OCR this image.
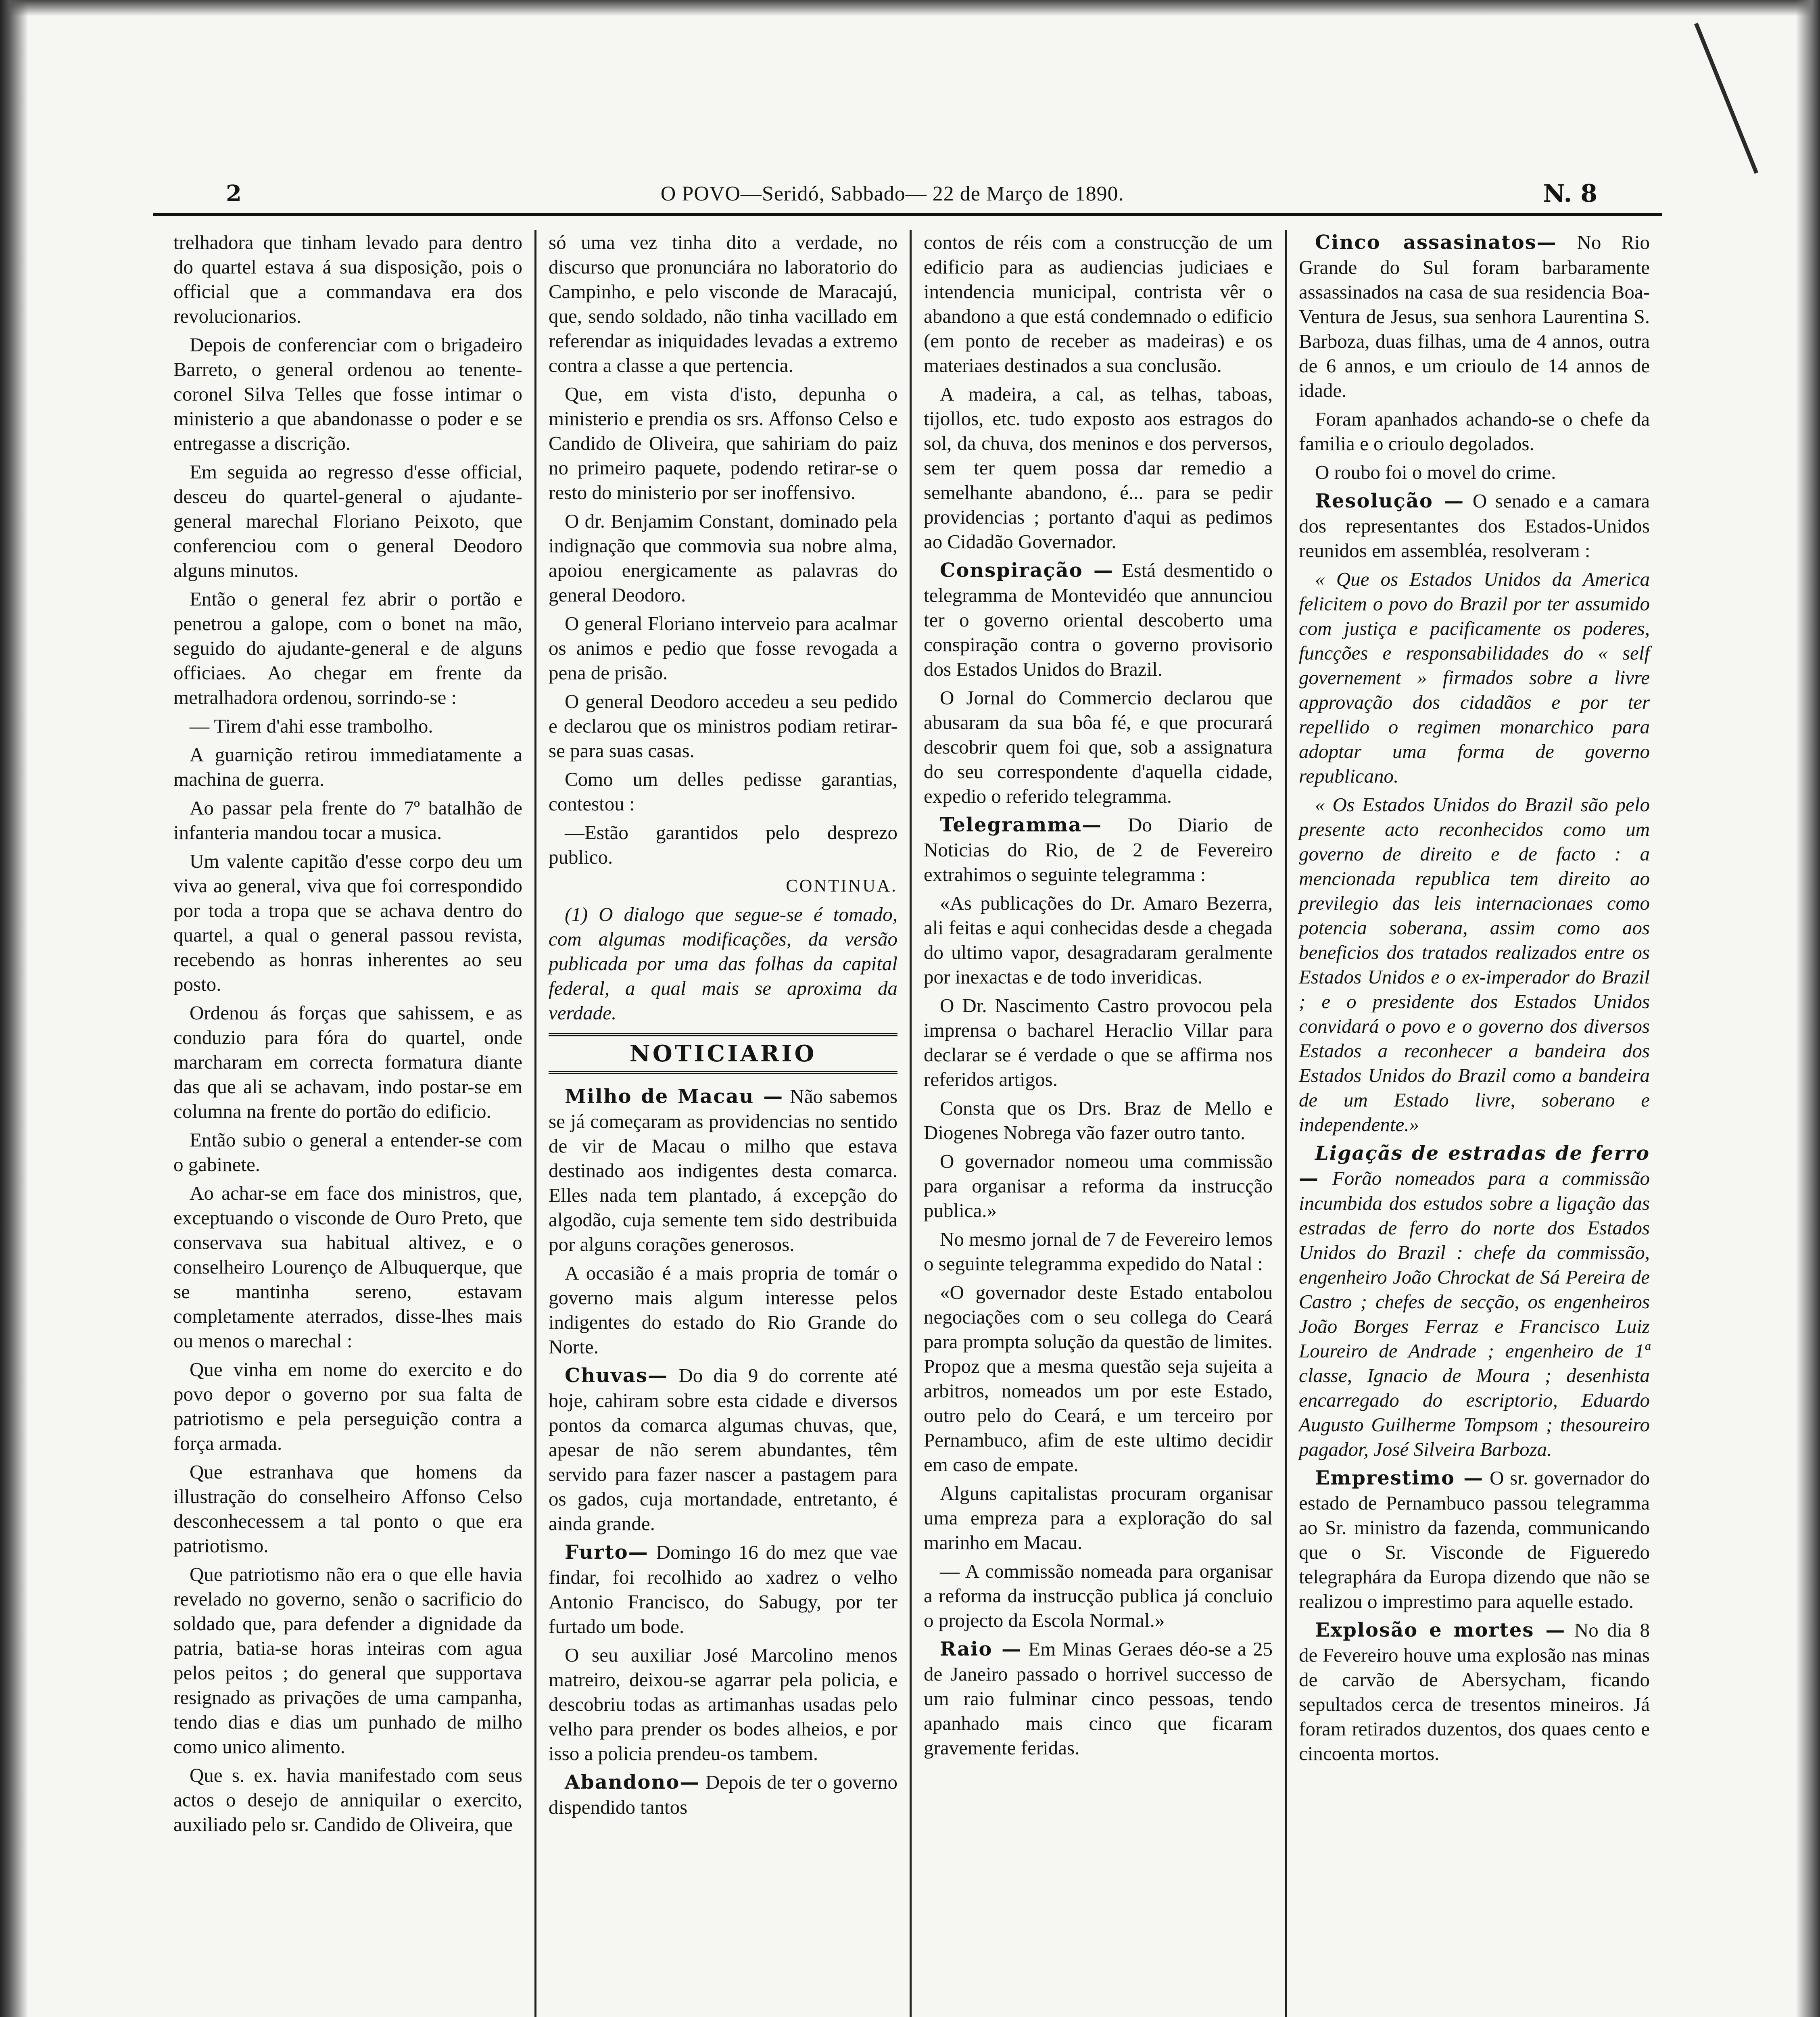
2	O POVO—Seridó, Sabbado— 22 de Março de 1890.	N. 8

trelhadora que tinham levado para dentro do quartel estava á sua disposição, pois o official que a commandava era dos revolucionarios.

Depois de conferenciar com o brigadeiro Barreto, o general ordenou ao tenente-coronel Silva Telles que fosse intimar o ministerio a que abandonasse o poder e se entregasse a discrição.

Em seguida ao regresso d'esse official, desceu do quartel-general o ajudante-general marechal Floriano Peixoto, que conferenciou com o general Deodoro alguns minutos.

Então o general fez abrir o portão e penetrou a galope, com o bonet na mão, seguido do ajudante-general e de alguns officiaes. Ao chegar em frente da metralhadora ordenou, sorrindo-se :

— Tirem d'ahi esse trambolho.

A guarnição retirou immediatamente a machina de guerra.

Ao passar pela frente do 7º batalhão de infanteria mandou tocar a musica.

Um valente capitão d'esse corpo deu um viva ao general, viva que foi correspondido por toda a tropa que se achava dentro do quartel, a qual o general passou revista, recebendo as honras inherentes ao seu posto.

Ordenou ás forças que sahissem, e as conduzio para fóra do quartel, onde marcharam em correcta formatura diante das que ali se achavam, indo postar-se em columna na frente do portão do edificio.

Então subio o general a entender-se com o gabinete.

Ao achar-se em face dos ministros, que, exceptuando o visconde de Ouro Preto, que conservava sua habitual altivez, e o conselheiro Lourenço de Albuquerque, que se mantinha sereno, estavam completamente aterrados, disse-lhes mais ou menos o marechal :

Que vinha em nome do exercito e do povo depor o governo por sua falta de patriotismo e pela perseguição contra a força armada.

Que estranhava que homens da illustração do conselheiro Affonso Celso desconhecessem a tal ponto o que era patriotismo.

Que patriotismo não era o que elle havia revelado no governo, senão o sacrificio do soldado que, para defender a dignidade da patria, batia-se horas inteiras com agua pelos peitos ; do general que supportava resignado as privações de uma campanha, tendo dias e dias um punhado de milho como unico alimento.

Que s. ex. havia manifestado com seus actos o desejo de anniquilar o exercito, auxiliado pelo sr. Candido de Oliveira, que

só uma vez tinha dito a verdade, no discurso que pronunciára no laboratorio do Campinho, e pelo visconde de Maracajú, que, sendo soldado, não tinha vacillado em referendar as iniquidades levadas a extremo contra a classe a que pertencia.

Que, em vista d'isto, depunha o ministerio e prendia os srs. Affonso Celso e Candido de Oliveira, que sahiriam do paiz no primeiro paquete, podendo retirar-se o resto do ministerio por ser inoffensivo.

O dr. Benjamim Constant, dominado pela indignação que commovia sua nobre alma, apoiou energicamente as palavras do general Deodoro.

O general Floriano interveio para acalmar os animos e pedio que fosse revogada a pena de prisão.

O general Deodoro accedeu a seu pedido e declarou que os ministros podiam retirar-se para suas casas.

Como um delles pedisse garantias, contestou :

—Estão garantidos pelo desprezo publico.

CONTINUA.

(1) O dialogo que segue-se é tomado, com algumas modificações, da versão publicada por uma das folhas da capital federal, a qual mais se aproxima da verdade.

NOTICIARIO

Milho de Macau — Não sabemos se já começaram as providencias no sentido de vir de Macau o milho que estava destinado aos indigentes desta comarca. Elles nada tem plantado, á excepção do algodão, cuja semente tem sido destribuida por alguns corações generosos.

A occasião é a mais propria de tomár o governo mais algum interesse pelos indigentes do estado do Rio Grande do Norte.

Chuvas— Do dia 9 do corrente até hoje, cahiram sobre esta cidade e diversos pontos da comarca algumas chuvas, que, apesar de não serem abundantes, têm servido para fazer nascer a pastagem para os gados, cuja mortandade, entretanto, é ainda grande.

Furto— Domingo 16 do mez que vae findar, foi recolhido ao xadrez o velho Antonio Francisco, do Sabugy, por ter furtado um bode.

O seu auxiliar José Marcolino menos matreiro, deixou-se agarrar pela policia, e descobriu todas as artimanhas usadas pelo velho para prender os bodes alheios, e por isso a policia prendeu-os tambem.

Abandono— Depois de ter o governo dispendido tantos

contos de réis com a construcção de um edificio para as audiencias judiciaes e intendencia municipal, contrista vêr o abandono a que está condemnado o edificio (em ponto de receber as madeiras) e os materiaes destinados a sua conclusão.

A madeira, a cal, as telhas, taboas, tijollos, etc. tudo exposto aos estragos do sol, da chuva, dos meninos e dos perversos, sem ter quem possa dar remedio a semelhante abandono, é... para se pedir providencias ; portanto d'aqui as pedimos ao Cidadão Governador.

Conspiração — Está desmentido o telegramma de Montevidéo que annunciou ter o governo oriental descoberto uma conspiração contra o governo provisorio dos Estados Unidos do Brazil.

O Jornal do Commercio declarou que abusaram da sua bôa fé, e que procurará descobrir quem foi que, sob a assignatura do seu correspondente d'aquella cidade, expedio o referido telegramma.

Telegramma— Do Diario de Noticias do Rio, de 2 de Fevereiro extrahimos o seguinte telegramma :

«As publicações do Dr. Amaro Bezerra, ali feitas e aqui conhecidas desde a chegada do ultimo vapor, desagradaram geralmente por inexactas e de todo inveridicas.

O Dr. Nascimento Castro provocou pela imprensa o bacharel Heraclio Villar para declarar se é verdade o que se affirma nos referidos artigos.

Consta que os Drs. Braz de Mello e Diogenes Nobrega vão fazer outro tanto.

O governador nomeou uma commissão para organisar a reforma da instrucção publica.»

No mesmo jornal de 7 de Fevereiro lemos o seguinte telegramma expedido do Natal :

«O governador deste Estado entabolou negociações com o seu collega do Ceará para prompta solução da questão de limites. Propoz que a mesma questão seja sujeita a arbitros, nomeados um por este Estado, outro pelo do Ceará, e um terceiro por Pernambuco, afim de este ultimo decidir em caso de empate.

Alguns capitalistas procuram organisar uma empreza para a exploração do sal marinho em Macau.

— A commissão nomeada para organisar a reforma da instrucção publica já concluio o projecto da Escola Normal.»

Raio — Em Minas Geraes déo-se a 25 de Janeiro passado o horrivel successo de um raio fulminar cinco pessoas, tendo apanhado mais cinco que ficaram gravemente feridas.

Cinco assasinatos— No Rio Grande do Sul foram barbaramente assassinados na casa de sua residencia Boa-Ventura de Jesus, sua senhora Laurentina S. Barboza, duas filhas, uma de 4 annos, outra de 6 annos, e um crioulo de 14 annos de idade.

Foram apanhados achando-se o chefe da familia e o crioulo degolados.

O roubo foi o movel do crime.

Resolução — O senado e a camara dos representantes dos Estados-Unidos reunidos em assembléa, resolveram :

« Que os Estados Unidos da America felicitem o povo do Brazil por ter assumido com justiça e pacificamente os poderes, funcções e responsabilidades do « self governement » firmados sobre a livre approvação dos cidadãos e por ter repellido o regimen monarchico para adoptar uma forma de governo republicano.

« Os Estados Unidos do Brazil são pelo presente acto reconhecidos como um governo de direito e de facto : a mencionada republica tem direito ao previlegio das leis internacionaes como potencia soberana, assim como aos beneficios dos tratados realizados entre os Estados Unidos e o ex-imperador do Brazil ; e o presidente dos Estados Unidos convidará o povo e o governo dos diversos Estados a reconhecer a bandeira dos Estados Unidos do Brazil como a bandeira de um Estado livre, soberano e independente.»

Ligaçãs de estradas de ferro— Forão nomeados para a commissão incumbida dos estudos sobre a ligação das estradas de ferro do norte dos Estados Unidos do Brazil : chefe da commissão, engenheiro João Chrockat de Sá Pereira de Castro ; chefes de secção, os engenheiros João Borges Ferraz e Francisco Luiz Loureiro de Andrade ; engenheiro de 1ª classe, Ignacio de Moura ; desenhista encarregado do escriptorio, Eduardo Augusto Guilherme Tompsom ; thesoureiro pagador, José Silveira Barboza.

Emprestimo — O sr. governador do estado de Pernambuco passou telegramma ao Sr. ministro da fazenda, communicando que o Sr. Visconde de Figueredo telegraphára da Europa dizendo que não se realizou o imprestimo para aquelle estado.

Explosão e mortes — No dia 8 de Fevereiro houve uma explosão nas minas de carvão de Abersycham, ficando sepultados cerca de tresentos mineiros. Já foram retirados duzentos, dos quaes cento e cincoenta mortos.
